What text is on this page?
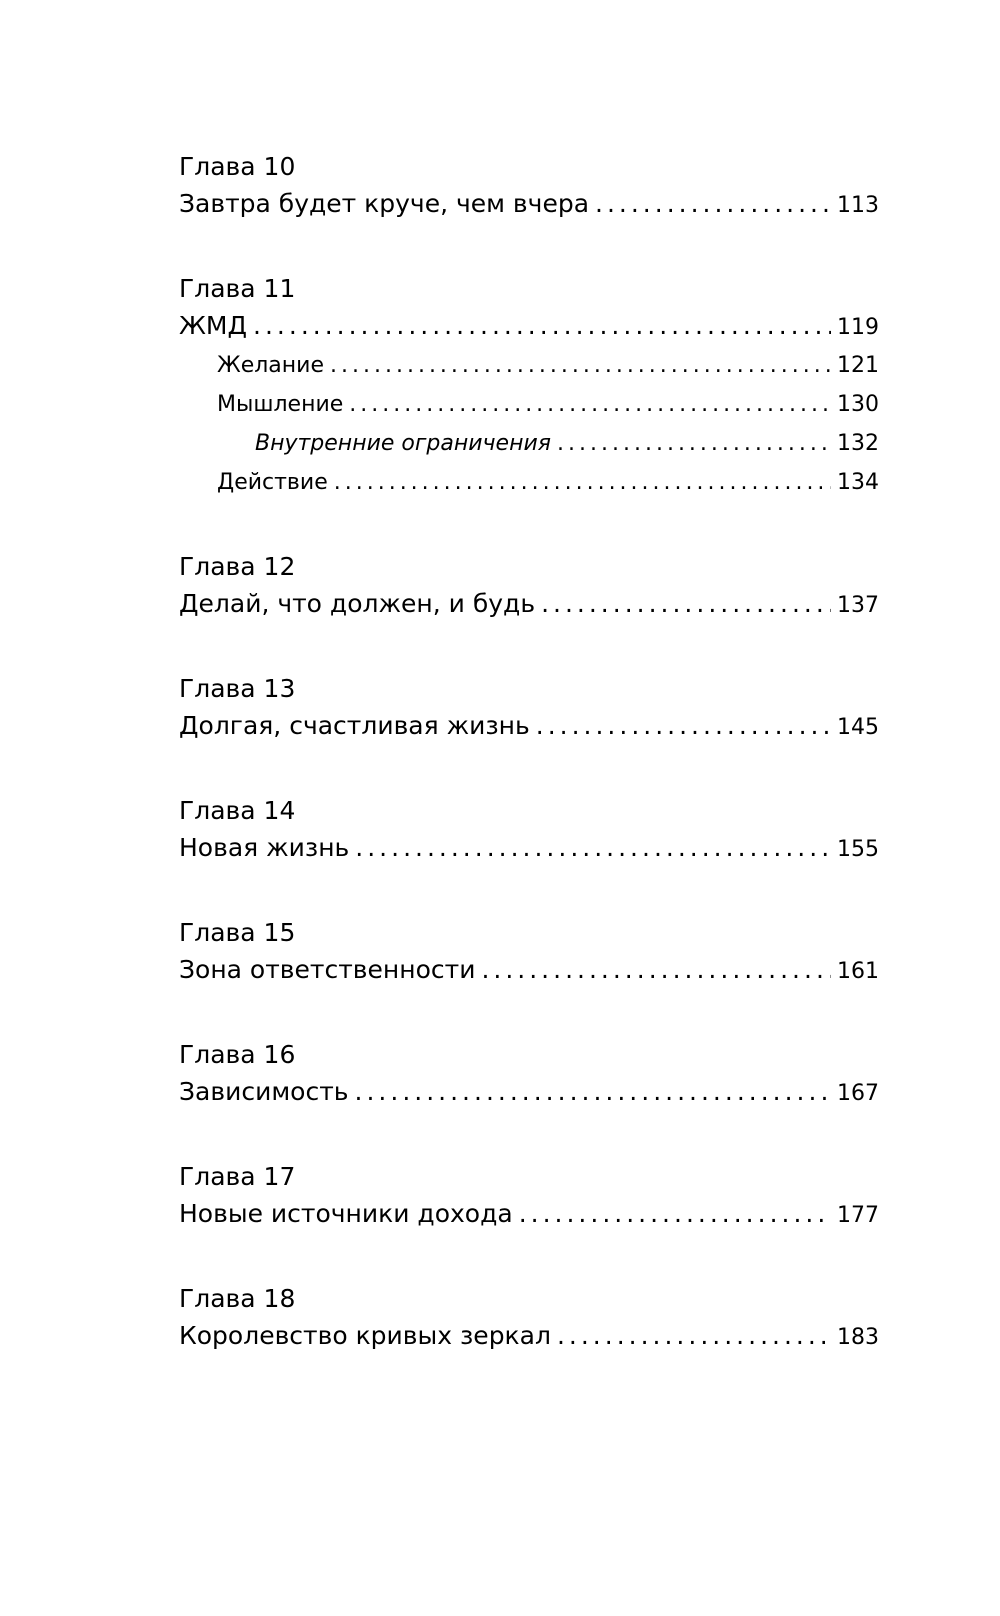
Глава 10
Завтра будет круче, чем вчера .....	113
Глава 11
ЖМД .....	119
Желание .....	121
Мышление .....	130
Внутренние ограничения .....	132
Действие .....	134
Глава 12
Делай, что должен, и будь .....	137
Глава 13
Долгая, счастливая жизнь .....	145
Глава 14
Новая жизнь .....	155
Глава 15
Зона ответственности .....	161
Глава 16
Зависимость .....	167
Глава 17
Новые источники дохода .....	177
Глава 18
Королевство кривых зеркал .....	183
